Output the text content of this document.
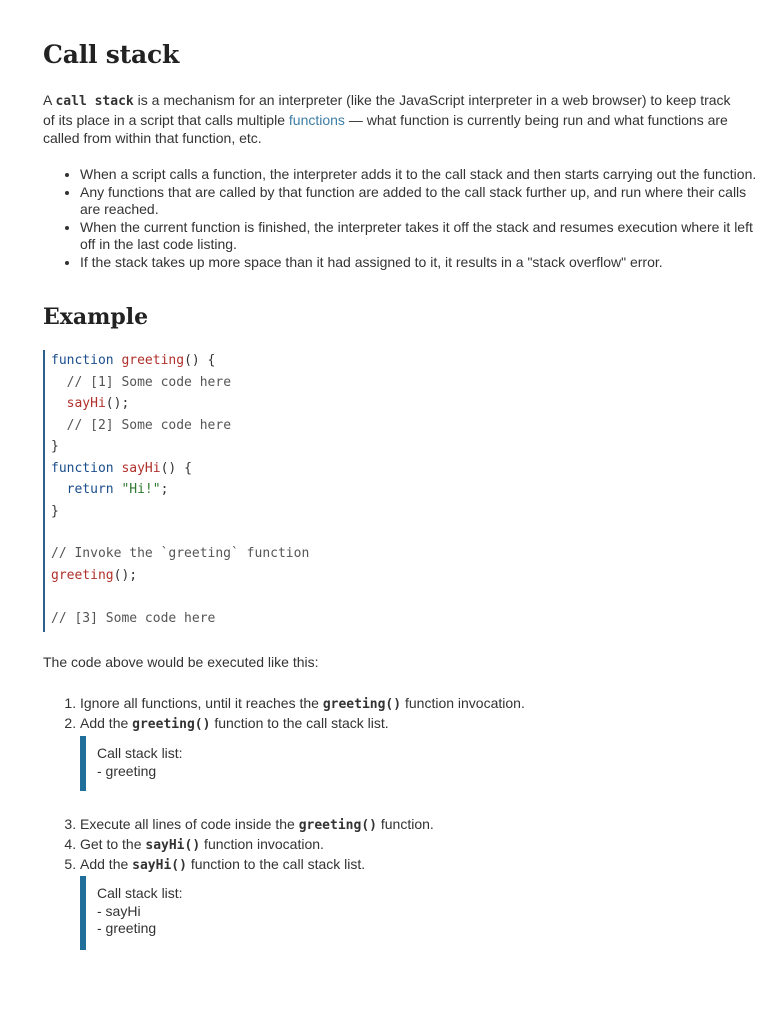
Call stack

A call stack is a mechanism for an interpreter (like the JavaScript interpreter in a web browser) to keep track of its place in a script that calls multiple functions — what function is currently being run and what functions are called from within that function, etc.

• When a script calls a function, the interpreter adds it to the call stack and then starts carrying out the function.
• Any functions that are called by that function are added to the call stack further up, and run where their calls are reached.
• When the current function is finished, the interpreter takes it off the stack and resumes execution where it left off in the last code listing.
• If the stack takes up more space than it had assigned to it, it results in a "stack overflow" error.
Example
function greeting() {
// [1] Some code here
sayHi();
// [2] Some code here
}
function sayHi() {
return "Hi!";
}
// Invoke the `greeting` function
greeting();
// [3] Some code here

The code above would be executed like this:

1. Ignore all functions, until it reaches the greeting() function invocation.
2. Add the greeting() function to the call stack list.
Call stack list:
- greeting
3. Execute all lines of code inside the greeting() function.
4. Get to the sayHi() function invocation.
5. Add the sayHi() function to the call stack list.
Call stack list:
- sayHi
- greeting
